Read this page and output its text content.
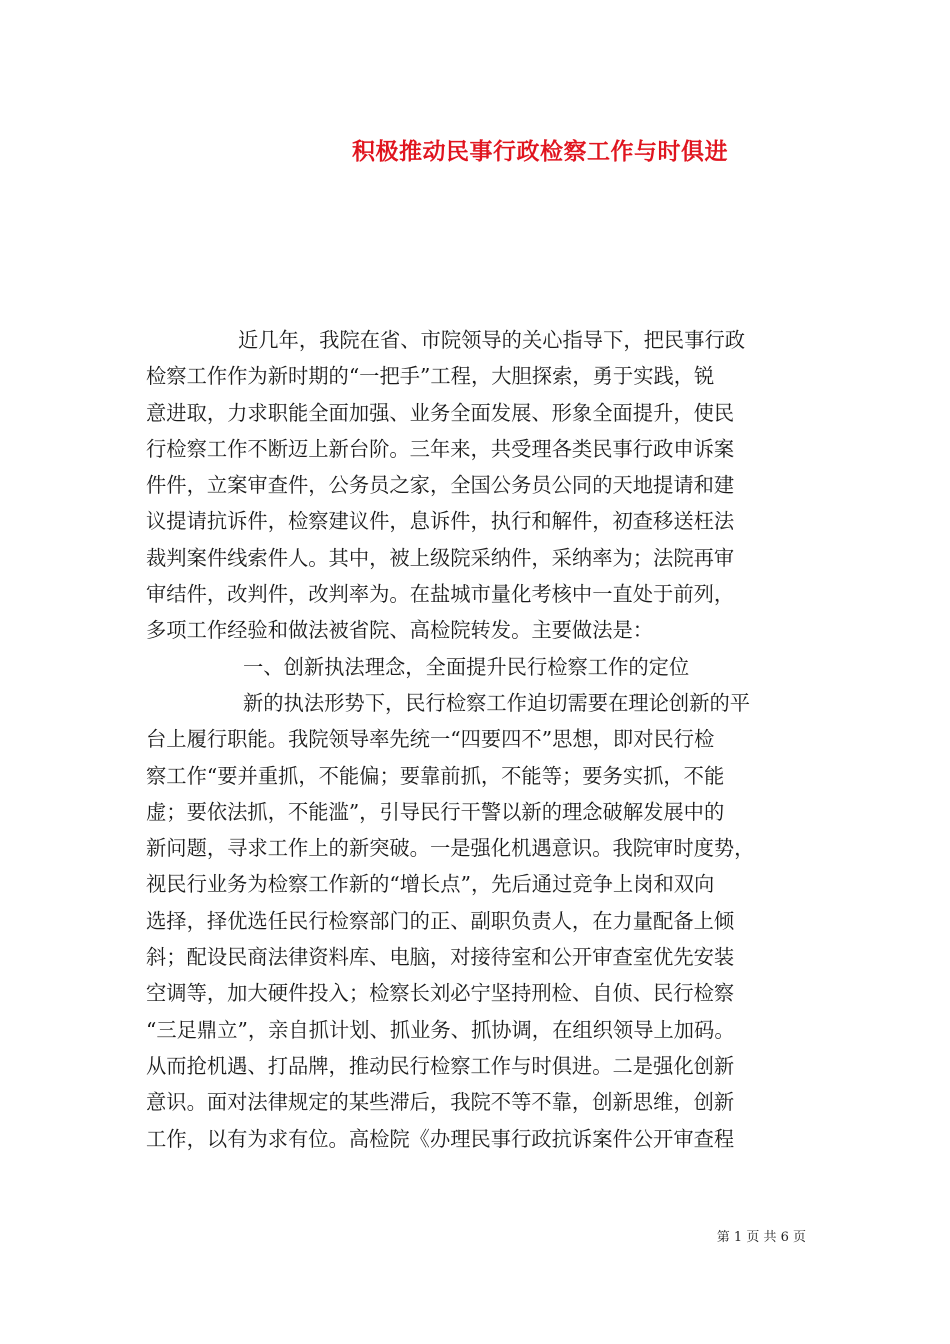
积极推动民事行政检察工作与时俱进
近几年，我院在省、市院领导的关心指导下，把民事行政
检察工作作为新时期的“一把手”工程，大胆探索，勇于实践，锐
意进取，力求职能全面加强、业务全面发展、形象全面提升，使民
行检察工作不断迈上新台阶。三年来，共受理各类民事行政申诉案
件件，立案审查件，公务员之家，全国公务员公同的天地提请和建
议提请抗诉件，检察建议件，息诉件，执行和解件，初查移送枉法
裁判案件线索件人。其中，被上级院采纳件，采纳率为；法院再审
审结件，改判件，改判率为。在盐城市量化考核中一直处于前列，
多项工作经验和做法被省院、高检院转发。主要做法是：
一、创新执法理念，全面提升民行检察工作的定位
新的执法形势下，民行检察工作迫切需要在理论创新的平
台上履行职能。我院领导率先统一“四要四不”思想，即对民行检
察工作“要并重抓，不能偏；要靠前抓，不能等；要务实抓，不能
虚；要依法抓，不能滥”，引导民行干警以新的理念破解发展中的
新问题，寻求工作上的新突破。一是强化机遇意识。我院审时度势，
视民行业务为检察工作新的“增长点”，先后通过竞争上岗和双向
选择，择优选任民行检察部门的正、副职负责人，在力量配备上倾
斜；配设民商法律资料库、电脑，对接待室和公开审查室优先安装
空调等，加大硬件投入；检察长刘必宁坚持刑检、自侦、民行检察
“三足鼎立”，亲自抓计划、抓业务、抓协调，在组织领导上加码。
从而抢机遇、打品牌，推动民行检察工作与时俱进。二是强化创新
意识。面对法律规定的某些滞后，我院不等不靠，创新思维，创新
工作，以有为求有位。高检院《办理民事行政抗诉案件公开审查程
第 1 页 共 6 页
